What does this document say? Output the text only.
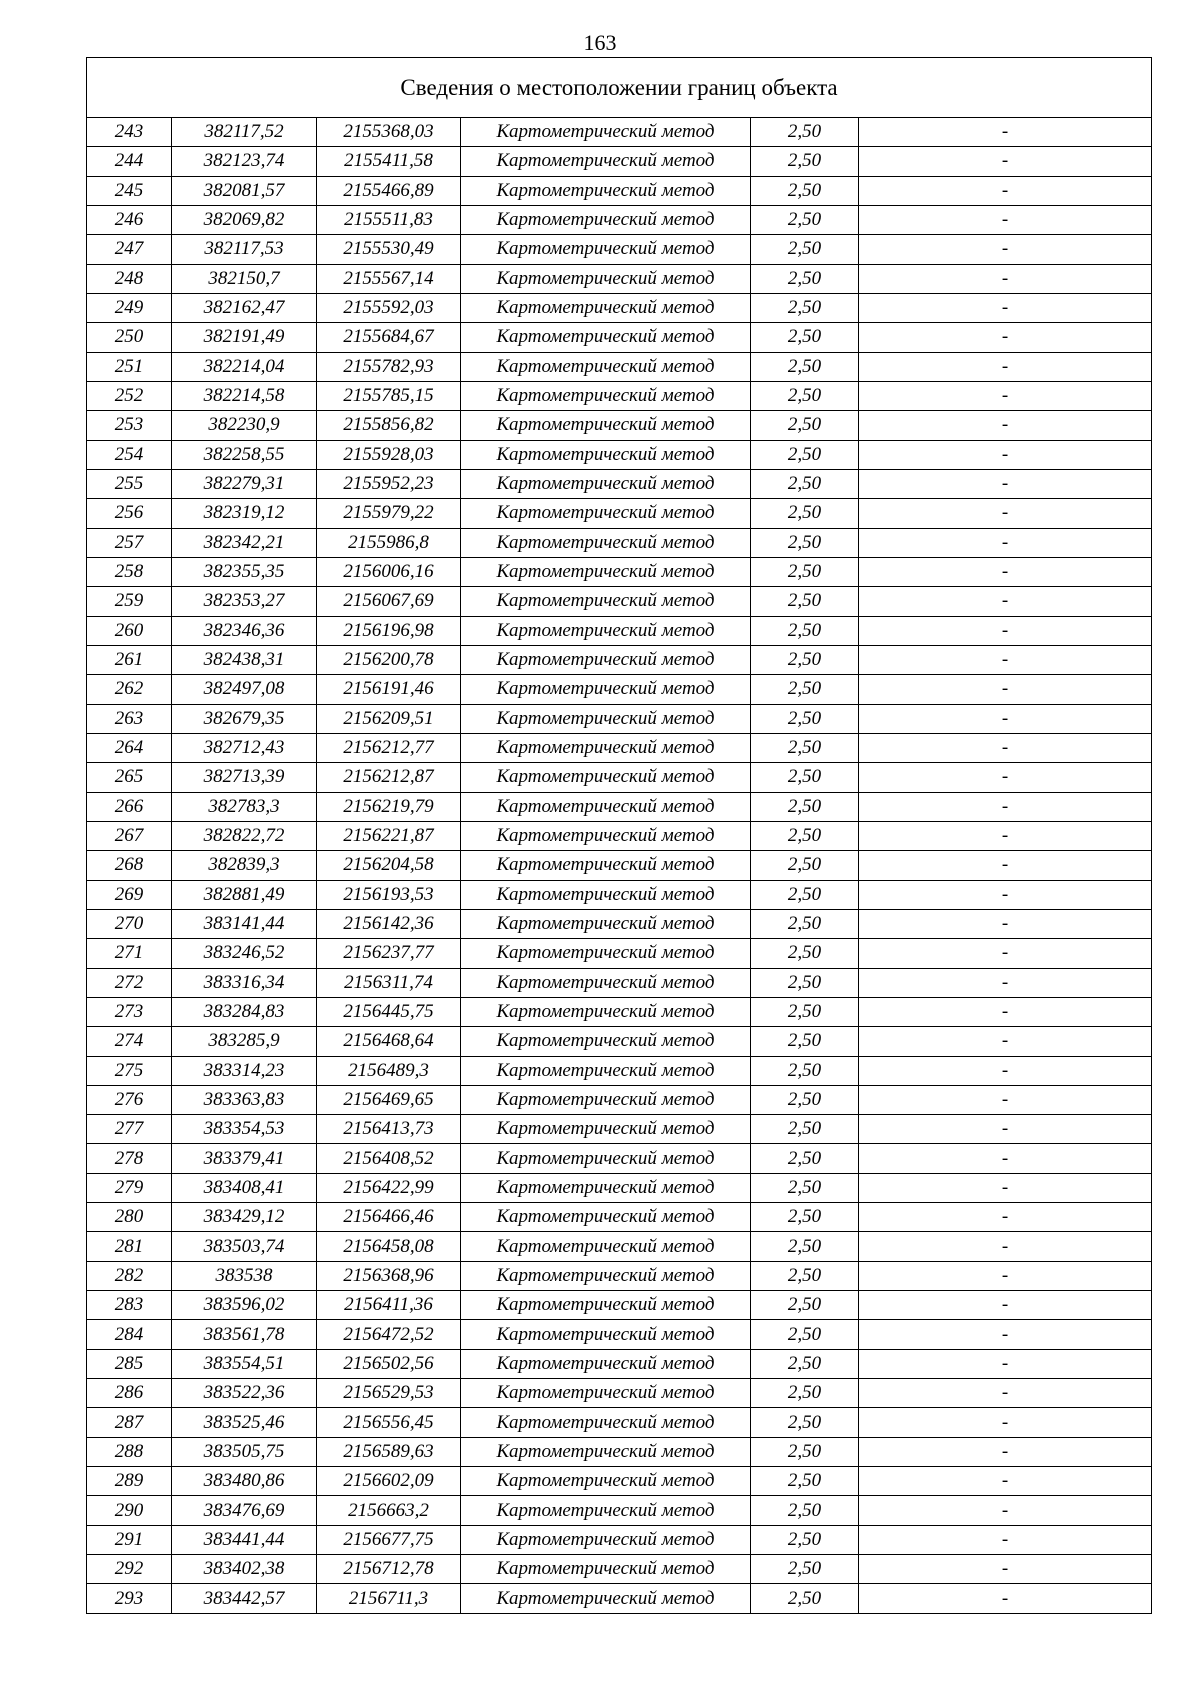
163
Сведения о местоположении границ объекта					
243	382117,52	2155368,03	Картометрический метод	2,50	-
244	382123,74	2155411,58	Картометрический метод	2,50	-
245	382081,57	2155466,89	Картометрический метод	2,50	-
246	382069,82	2155511,83	Картометрический метод	2,50	-
247	382117,53	2155530,49	Картометрический метод	2,50	-
248	382150,7	2155567,14	Картометрический метод	2,50	-
249	382162,47	2155592,03	Картометрический метод	2,50	-
250	382191,49	2155684,67	Картометрический метод	2,50	-
251	382214,04	2155782,93	Картометрический метод	2,50	-
252	382214,58	2155785,15	Картометрический метод	2,50	-
253	382230,9	2155856,82	Картометрический метод	2,50	-
254	382258,55	2155928,03	Картометрический метод	2,50	-
255	382279,31	2155952,23	Картометрический метод	2,50	-
256	382319,12	2155979,22	Картометрический метод	2,50	-
257	382342,21	2155986,8	Картометрический метод	2,50	-
258	382355,35	2156006,16	Картометрический метод	2,50	-
259	382353,27	2156067,69	Картометрический метод	2,50	-
260	382346,36	2156196,98	Картометрический метод	2,50	-
261	382438,31	2156200,78	Картометрический метод	2,50	-
262	382497,08	2156191,46	Картометрический метод	2,50	-
263	382679,35	2156209,51	Картометрический метод	2,50	-
264	382712,43	2156212,77	Картометрический метод	2,50	-
265	382713,39	2156212,87	Картометрический метод	2,50	-
266	382783,3	2156219,79	Картометрический метод	2,50	-
267	382822,72	2156221,87	Картометрический метод	2,50	-
268	382839,3	2156204,58	Картометрический метод	2,50	-
269	382881,49	2156193,53	Картометрический метод	2,50	-
270	383141,44	2156142,36	Картометрический метод	2,50	-
271	383246,52	2156237,77	Картометрический метод	2,50	-
272	383316,34	2156311,74	Картометрический метод	2,50	-
273	383284,83	2156445,75	Картометрический метод	2,50	-
274	383285,9	2156468,64	Картометрический метод	2,50	-
275	383314,23	2156489,3	Картометрический метод	2,50	-
276	383363,83	2156469,65	Картометрический метод	2,50	-
277	383354,53	2156413,73	Картометрический метод	2,50	-
278	383379,41	2156408,52	Картометрический метод	2,50	-
279	383408,41	2156422,99	Картометрический метод	2,50	-
280	383429,12	2156466,46	Картометрический метод	2,50	-
281	383503,74	2156458,08	Картометрический метод	2,50	-
282	383538	2156368,96	Картометрический метод	2,50	-
283	383596,02	2156411,36	Картометрический метод	2,50	-
284	383561,78	2156472,52	Картометрический метод	2,50	-
285	383554,51	2156502,56	Картометрический метод	2,50	-
286	383522,36	2156529,53	Картометрический метод	2,50	-
287	383525,46	2156556,45	Картометрический метод	2,50	-
288	383505,75	2156589,63	Картометрический метод	2,50	-
289	383480,86	2156602,09	Картометрический метод	2,50	-
290	383476,69	2156663,2	Картометрический метод	2,50	-
291	383441,44	2156677,75	Картометрический метод	2,50	-
292	383402,38	2156712,78	Картометрический метод	2,50	-
293	383442,57	2156711,3	Картометрический метод	2,50	-
